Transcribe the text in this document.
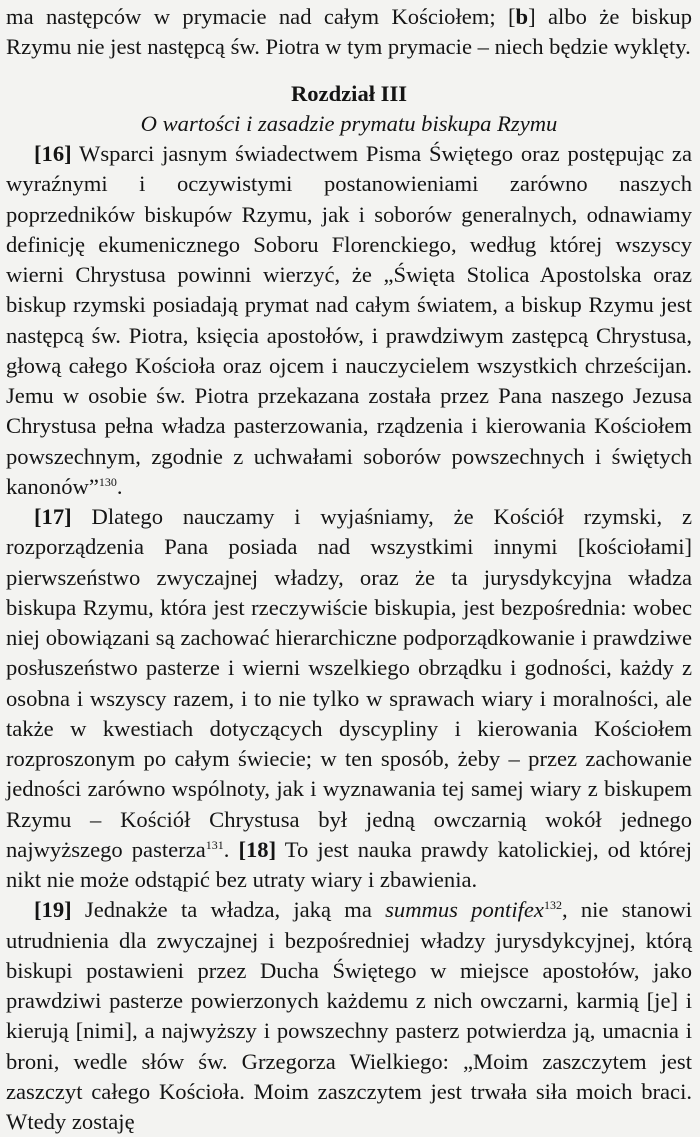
ma następców w prymacie nad całym Kościołem; [b] albo że biskup Rzymu nie jest następcą św. Piotra w tym prymacie – niech będzie wyklęty.

Rozdział III
O wartości i zasadzie prymatu biskupa Rzymu

[16] Wsparci jasnym świadectwem Pisma Świętego oraz postępując za wyraźnymi i oczywistymi postanowieniami zarówno naszych poprzedników biskupów Rzymu, jak i soborów generalnych, odnawiamy definicję ekumenicznego Soboru Florenckiego, według której wszyscy wierni Chrystusa powinni wierzyć, że „Święta Stolica Apostolska oraz biskup rzymski posiadają prymat nad całym światem, a biskup Rzymu jest następcą św. Piotra, księcia apostołów, i prawdziwym zastępcą Chrystusa, głową całego Kościoła oraz ojcem i nauczycielem wszystkich chrześcijan. Jemu w osobie św. Piotra przekazana została przez Pana naszego Jezusa Chrystusa pełna władza pasterzowania, rządzenia i kierowania Kościołem powszechnym, zgodnie z uchwałami soborów powszechnych i świętych kanonów”$^{130}$.

[17] Dlatego nauczamy i wyjaśniamy, że Kościół rzymski, z rozporządzenia Pana posiada nad wszystkimi innymi [kościołami] pierwszeństwo zwyczajnej władzy, oraz że ta jurysdykcyjna władza biskupa Rzymu, która jest rzeczywiście biskupia, jest bezpośrednia: wobec niej obowiązani są zachować hierarchiczne podporządkowanie i prawdziwe posłuszeństwo pasterze i wierni wszelkiego obrządku i godności, każdy z osobna i wszyscy razem, i to nie tylko w sprawach wiary i moralności, ale także w kwestiach dotyczących dyscypliny i kierowania Kościołem rozproszonym po całym świecie; w ten sposób, żeby – przez zachowanie jedności zarówno wspólnoty, jak i wyznawania tej samej wiary z biskupem Rzymu – Kościół Chrystusa był jedną owczarnią wokół jednego najwyższego pasterza$^{131}$. [18] To jest nauka prawdy katolickiej, od której nikt nie może odstąpić bez utraty wiary i zbawienia.

[19] Jednakże ta władza, jaką ma summus pontifex$^{132}$, nie stanowi utrudnienia dla zwyczajnej i bezpośredniej władzy jurysdykcyjnej, którą biskupi postawieni przez Ducha Świętego w miejsce apostołów, jako prawdziwi pasterze powierzonych każdemu z nich owczarni, karmią [je] i kierują [nimi], a najwyższy i powszechny pasterz potwierdza ją, umacnia i broni, wedle słów św. Grzegorza Wielkiego: „Moim zaszczytem jest zaszczyt całego Kościoła. Moim zaszczytem jest trwała siła moich braci. Wtedy zostaję
